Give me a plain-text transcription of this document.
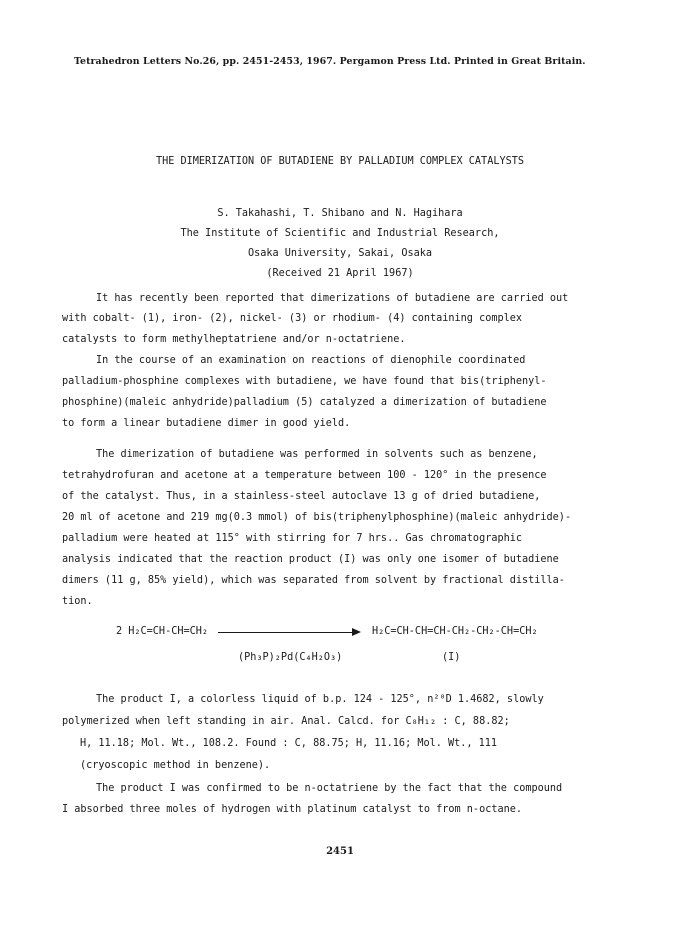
Tetrahedron Letters No.26, pp. 2451-2453, 1967. Pergamon Press Ltd. Printed in Great Britain.
THE DIMERIZATION OF BUTADIENE BY PALLADIUM COMPLEX CATALYSTS
S. Takahashi, T. Shibano and N. Hagihara
The Institute of Scientific and Industrial Research,
Osaka University, Sakai, Osaka
(Received 21 April 1967)
It has recently been reported that dimerizations of butadiene are carried out
with cobalt- (1), iron- (2), nickel- (3) or rhodium- (4) containing complex
catalysts to form methylheptatriene and/or n-octatriene.
In the course of an examination on reactions of dienophile coordinated
palladium-phosphine complexes with butadiene, we have found that bis(triphenyl-
phosphine)(maleic anhydride)palladium (5) catalyzed a dimerization of butadiene
to form a linear butadiene dimer in good yield.
The dimerization of butadiene was performed in solvents such as benzene,
tetrahydrofuran and acetone at a temperature between 100 - 120° in the presence
of the catalyst. Thus, in a stainless-steel autoclave 13 g of dried butadiene,
20 ml of acetone and 219 mg(0.3 mmol) of bis(triphenylphosphine)(maleic anhydride)-
palladium were heated at 115° with stirring for 7 hrs.. Gas chromatographic
analysis indicated that the reaction product (I) was only one isomer of butadiene
dimers (11 g, 85% yield), which was separated from solvent by fractional distilla-
tion.
2 H₂C=CH-CH=CH₂	H₂C=CH-CH=CH-CH₂-CH₂-CH=CH₂
(Ph₃P)₂Pd(C₄H₂O₃)	(I)
The product I, a colorless liquid of b.p. 124 - 125°, n²⁰D 1.4682, slowly
polymerized when left standing in air. Anal. Calcd. for C₈H₁₂ : C, 88.82;
H, 11.18; Mol. Wt., 108.2. Found : C, 88.75; H, 11.16; Mol. Wt., 111
(cryoscopic method in benzene).
The product I was confirmed to be n-octatriene by the fact that the compound
I absorbed three moles of hydrogen with platinum catalyst to from n-octane.
2451
